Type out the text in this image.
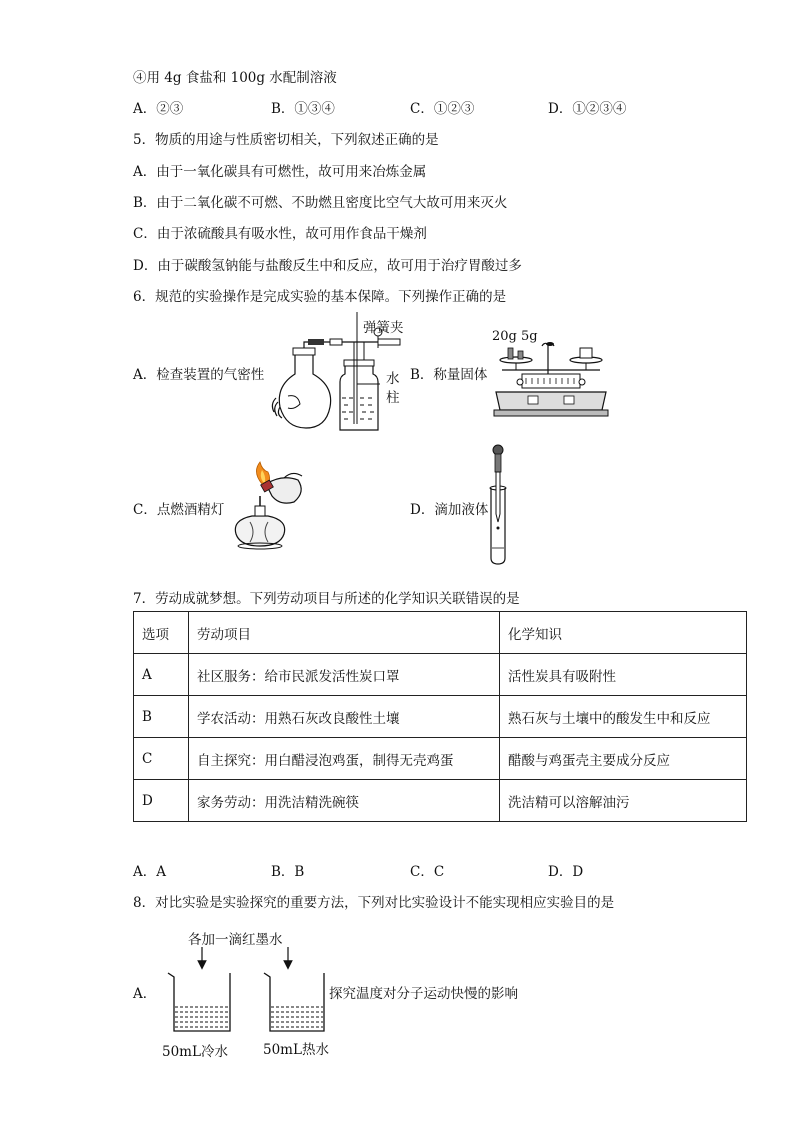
④用 4g 食盐和 100g 水配制溶液
A．②③	B．①③④	C．①②③	D．①②③④
5．物质的用途与性质密切相关，下列叙述正确的是
A．由于一氧化碳具有可燃性，故可用来冶炼金属
B．由于二氧化碳不可燃、不助燃且密度比空气大故可用来灭火
C．由于浓硫酸具有吸水性，故可用作食品干燥剂
D．由于碳酸氢钠能与盐酸反生中和反应，故可用于治疗胃酸过多
6．规范的实验操作是完成实验的基本保障。下列操作正确的是
A．检查装置的气密性	B．称量固体
C．点燃酒精灯	D．滴加液体
弹簧夹
水
柱
20g 5g
7．劳动成就梦想。下列劳动项目与所述的化学知识关联错误的是
选项	劳动项目	化学知识
A	社区服务：给市民派发活性炭口罩	活性炭具有吸附性
B	学农活动：用熟石灰改良酸性土壤	熟石灰与土壤中的酸发生中和反应
C	自主探究：用白醋浸泡鸡蛋，制得无壳鸡蛋	醋酸与鸡蛋壳主要成分反应
D	家务劳动：用洗洁精洗碗筷	洗洁精可以溶解油污
A．A	B．B	C．C	D．D
8．对比实验是实验探究的重要方法，下列对比实验设计不能实现相应实验目的是
各加一滴红墨水
A．	探究温度对分子运动快慢的影响
50mL冷水	50mL热水
